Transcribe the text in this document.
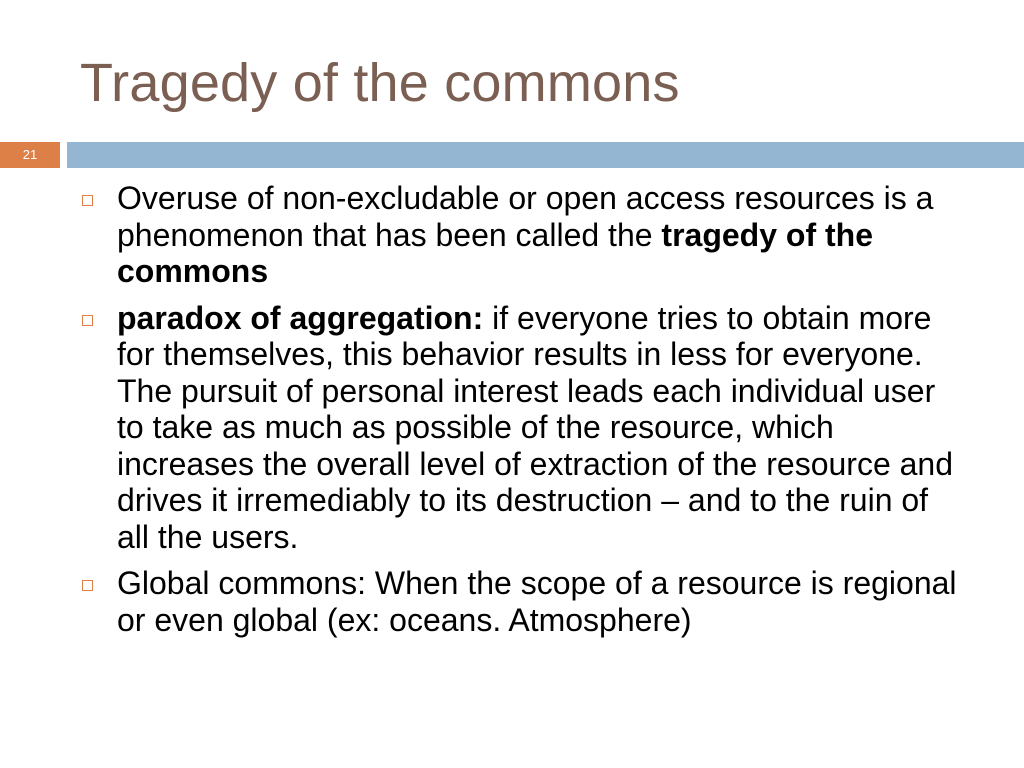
Tragedy of the commons
21
Overuse of non-excludable or open access resources is a phenomenon that has been called the tragedy of the commons
paradox of aggregation: if everyone tries to obtain more for themselves, this behavior results in less for everyone. The pursuit of personal interest leads each individual user to take as much as possible of the resource, which increases the overall level of extraction of the resource and drives it irremediably to its destruction – and to the ruin of all the users.
Global commons: When the scope of a resource is regional or even global (ex: oceans. Atmosphere)
